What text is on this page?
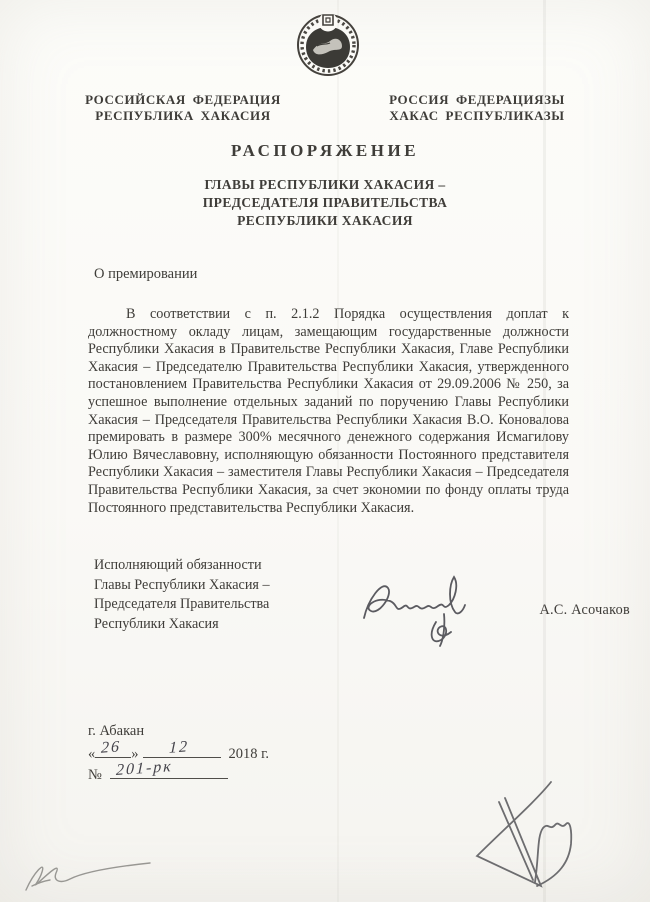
РОССИЙСКАЯ ФЕДЕРАЦИЯ
РЕСПУБЛИКА ХАКАСИЯ
РОССИЯ ФЕДЕРАЦИЯЗЫ
ХАКАС РЕСПУБЛИКАЗЫ
РАСПОРЯЖЕНИЕ
ГЛАВЫ РЕСПУБЛИКИ ХАКАСИЯ –
ПРЕДСЕДАТЕЛЯ ПРАВИТЕЛЬСТВА
РЕСПУБЛИКИ ХАКАСИЯ
О премировании

В соответствии с п. 2.1.2 Порядка осуществления доплат к должностному окладу лицам, замещающим государственные должности Республики Хакасия в Правительстве Республики Хакасия, Главе Республики Хакасия – Председателю Правительства Республики Хакасия, утвержденного постановлением Правительства Республики Хакасия от 29.09.2006 № 250, за успешное выполнение отдельных заданий по поручению Главы Республики Хакасия – Председателя Правительства Республики Хакасия В.О. Коновалова премировать в размере 300% месячного денежного содержания Исмагилову Юлию Вячеславовну, исполняющую обязанности Постоянного представителя Республики Хакасия – заместителя Главы Республики Хакасия – Председателя Правительства Республики Хакасия, за счет экономии по фонду оплаты труда Постоянного представительства Республики Хакасия.

Исполняющий обязанности
Главы Республики Хакасия –
Председателя Правительства
Республики Хакасия
А.С. Асочаков
г. Абакан
« 26 » 12	2018 г.
№ 201-рк
